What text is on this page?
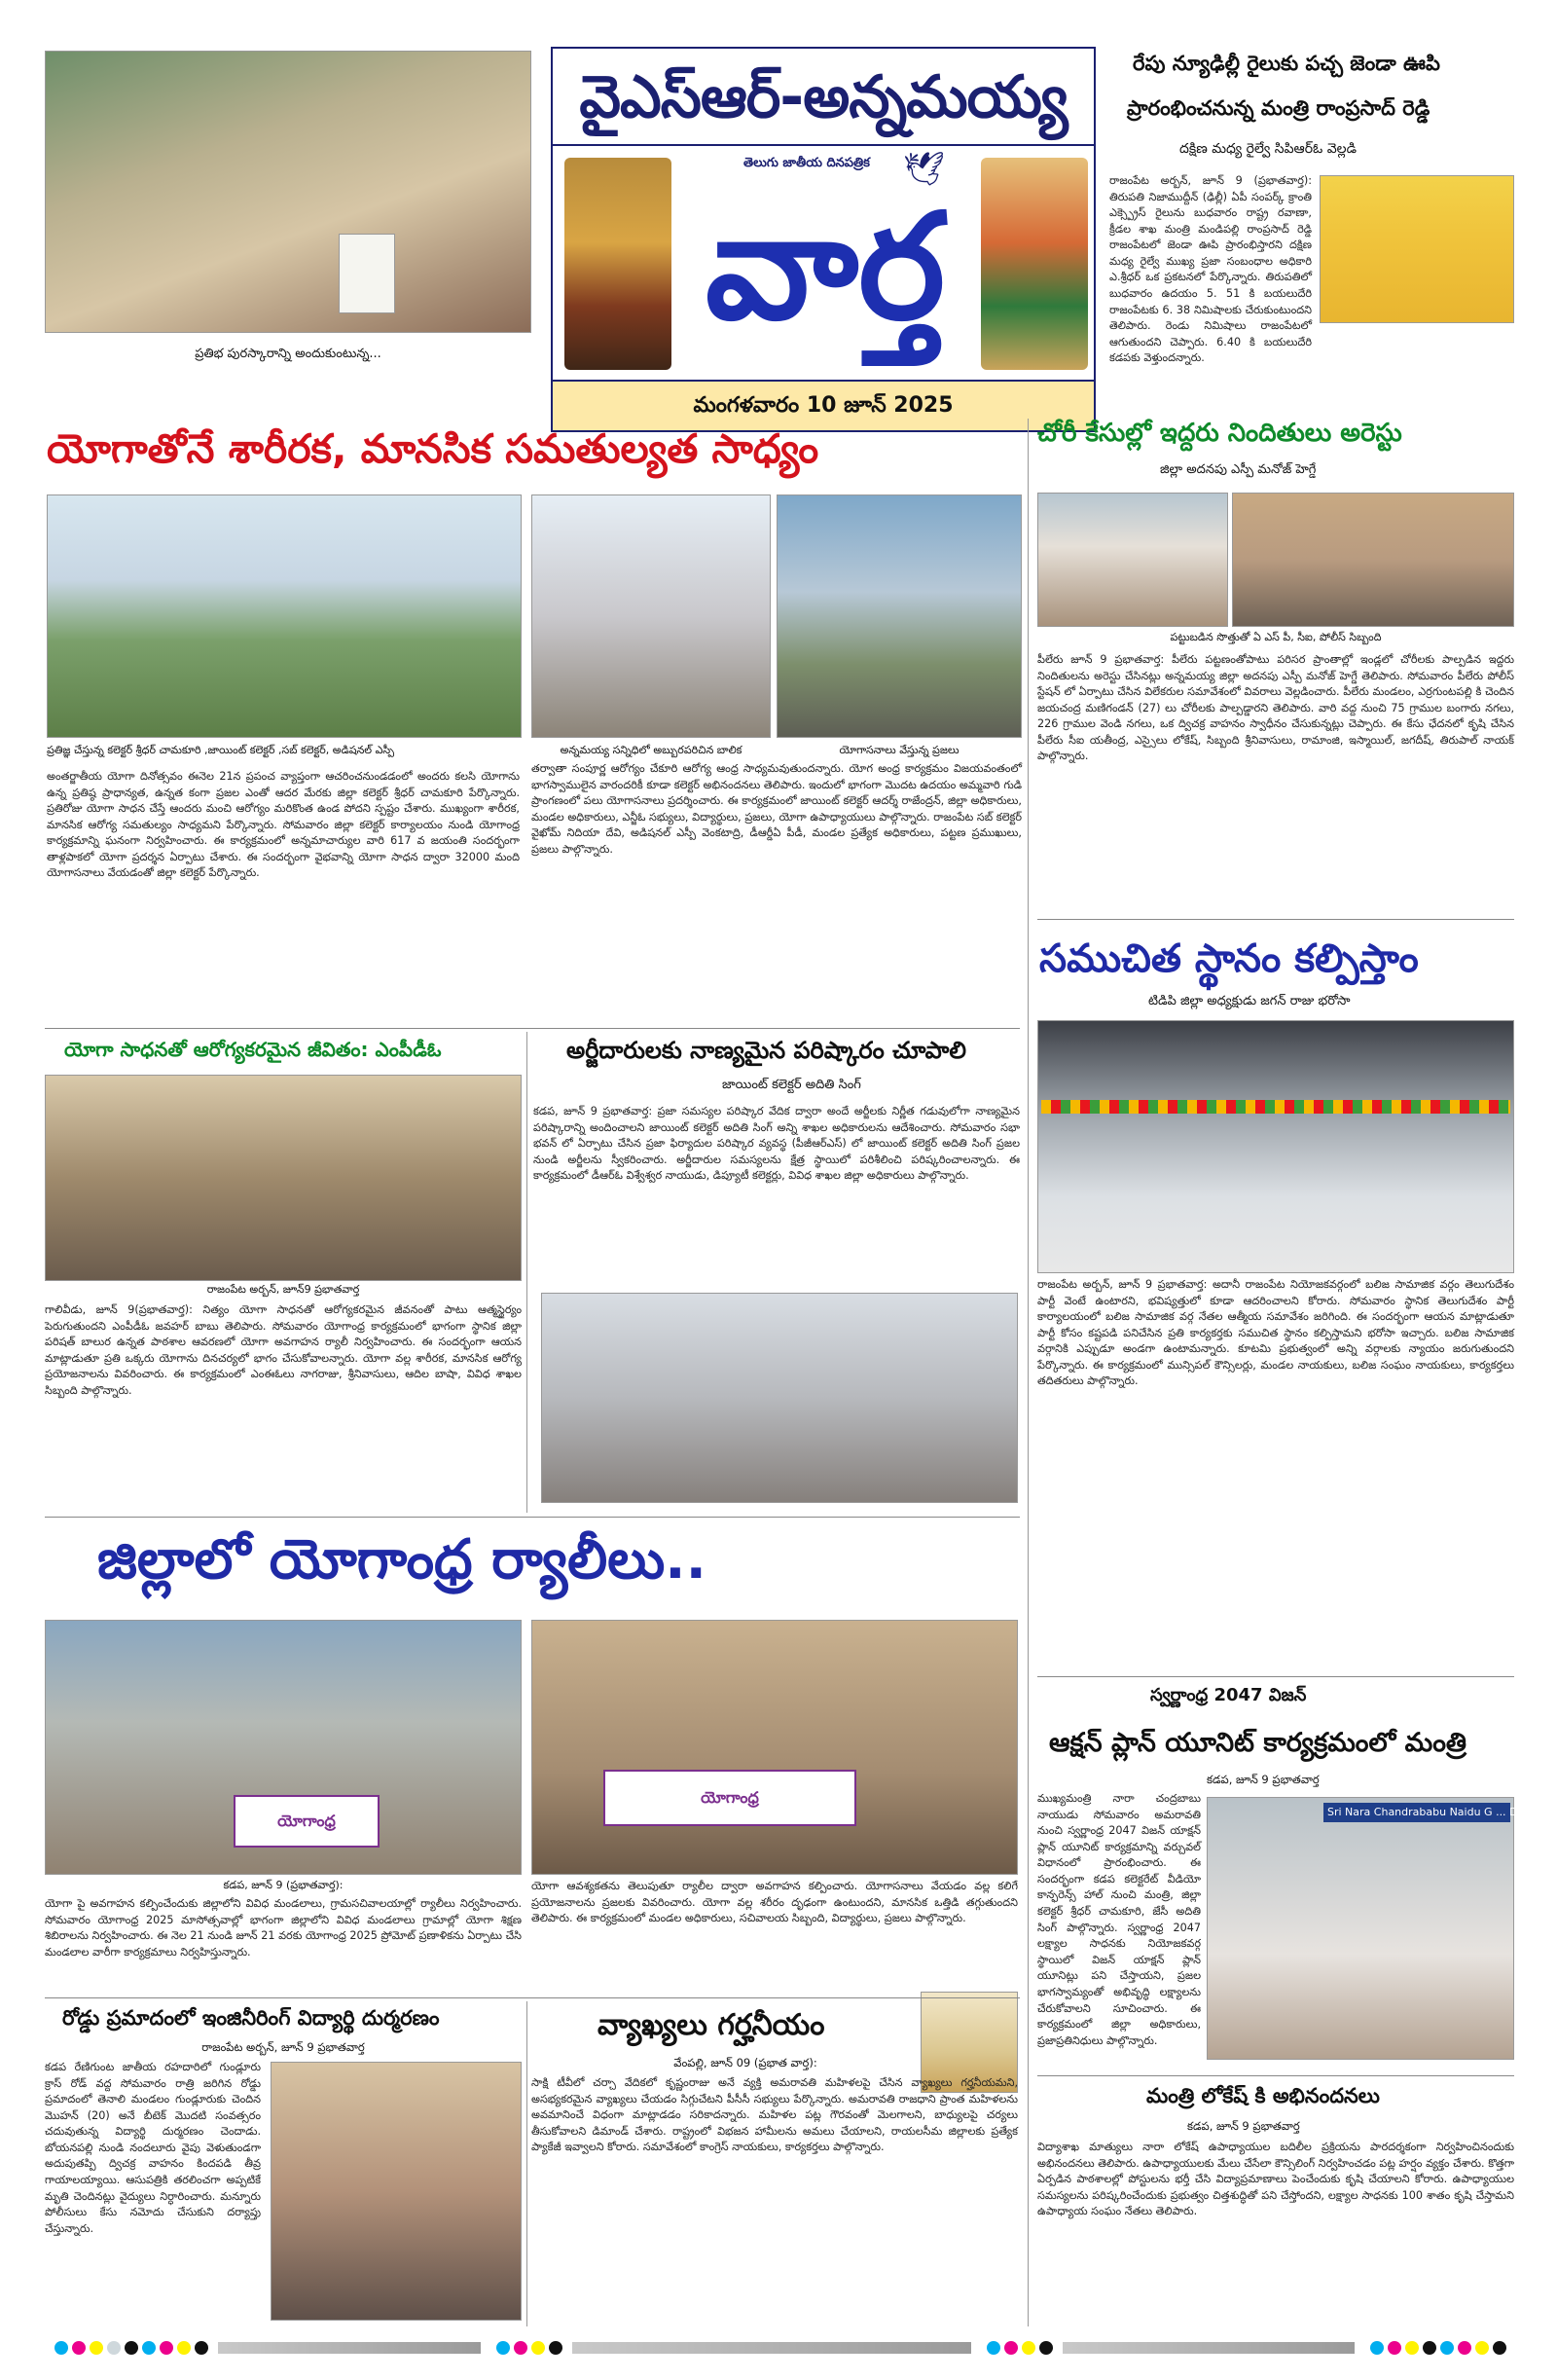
ప్రతిభ పురస్కారాన్ని అందుకుంటున్న...
వైఎస్ఆర్-అన్నమయ్య
తెలుగు జాతీయ దినపత్రిక 🕊
వార్త
మంగళవారం 10 జూన్ 2025
రేపు న్యూఢిల్లీ రైలుకు పచ్చ జెండా ఊపి
ప్రారంభించనున్న మంత్రి రాంప్రసాద్ రెడ్డి
దక్షిణ మధ్య రైల్వే సిపిఆర్ఓ వెల్లడి
రాజంపేట అర్బన్, జూన్ 9 (ప్రభాతవార్త): తిరుపతి నిజాముద్దీన్ (ఢిల్లీ) ఏపీ సంపర్క్ క్రాంతి ఎక్స్ప్రెస్ రైలును బుధవారం రాష్ట్ర రవాణా, క్రీడల శాఖ మంత్రి మండిపల్లి రాంప్రసాద్ రెడ్డి రాజంపేటలో జెండా ఊపి ప్రారంభిస్తారని దక్షిణ మధ్య రైల్వే ముఖ్య ప్రజా సంబంధాల అధికారి ఎ.శ్రీధర్ ఒక ప్రకటనలో పేర్కొన్నారు. తిరుపతిలో బుధవారం ఉదయం 5. 51 కి బయలుదేరి రాజంపేటకు 6. 38 నిమిషాలకు చేరుకుంటుందని తెలిపారు. రెండు నిమిషాలు రాజంపేటలో ఆగుతుందని చెప్పారు. 6.40 కి బయలుదేరి కడపకు వెళ్తుందన్నారు.
యోగాతోనే శారీరక, మానసిక సమతుల్యత సాధ్యం
ప్రతిజ్ఞ చేస్తున్న కలెక్టర్ శ్రీధర్ చామకూరి ,జాయింట్ కలెక్టర్ ,సబ్ కలెక్టర్, అడిషనల్ ఎస్పీ	అన్నమయ్య సన్నిధిలో అబ్బురపరిచిన బాలిక	యోగాసనాలు వేస్తున్న ప్రజలు
అంతర్జాతీయ యోగా దినోత్సవం ఈనెల 21న ప్రపంచ వ్యాప్తంగా ఆచరించనుండడంలో అందరు కలసి యోగాను ఉన్న ప్రతిష్ఠ ప్రాధాన్యత, ఉన్నత కంగా ప్రజల ఎంతో ఆదర మేరకు జిల్లా కలెక్టర్ శ్రీధర్ చామకూరి పేర్కొన్నారు. ప్రతిరోజు యోగా సాధన చేస్తే ఆందరు మంచి ఆరోగ్యం మరికొంత ఉండ పోదని స్పష్టం చేశారు. ముఖ్యంగా శారీరక, మానసిక ఆరోగ్య సమతుల్యం సాధ్యమని పేర్కొన్నారు. సోమవారం జిల్లా కలెక్టర్ కార్యాలయం నుండి యోగాంధ్ర కార్యక్రమాన్ని ఘనంగా నిర్వహించారు. ఈ కార్యక్రమంలో అన్నమాచార్యుల వారి 617 వ జయంతి సందర్భంగా తాళ్లపాకలో యోగా ప్రదర్శన ఏర్పాటు చేశారు. ఈ సందర్భంగా వైభవాన్ని యోగా సాధన ద్వారా 32000 మంది యోగాసనాలు వేయడంతో జిల్లా కలెక్టర్ పేర్కొన్నారు.
తర్వాతా సంపూర్ణ ఆరోగ్యం చేకూరి ఆరోగ్య ఆంధ్ర సాధ్యమవుతుందన్నారు. యోగ అంధ్ర కార్యక్రమం విజయవంతంలో భాగస్వాములైన వారందరికీ కూడా కలెక్టర్ అభినందనలు తెలిపారు. ఇందులో భాగంగా మొదట ఉదయం అమ్మవారి గుడి ప్రాంగణంలో పలు యోగాసనాలు ప్రదర్శించారు. ఈ కార్యక్రమంలో జాయింట్ కలెక్టర్ ఆదర్శ్ రాజేంద్రన్, జిల్లా అధికారులు, మండల అధికారులు, ఎన్జీఓ సభ్యులు, విద్యార్థులు, ప్రజలు, యోగా ఉపాధ్యాయులు పాల్గొన్నారు. రాజంపేట సబ్ కలెక్టర్ వైఖోమ్ నిదియా దేవి, అడిషనల్ ఎస్పీ వెంకటాద్రి, డీఆర్డీఏ పీడీ, మండల ప్రత్యేక అధికారులు, పట్టణ ప్రముఖులు, ప్రజలు పాల్గొన్నారు.
చోరీ కేసుల్లో ఇద్దరు నిందితులు అరెస్టు
జిల్లా అదనపు ఎస్పీ మనోజ్ హెగ్డే
పట్టుబడిన సొత్తుతో ఏ ఎస్ పీ, సీఐ, పోలీస్ సిబ్బంది
పీలేరు జూన్ 9 ప్రభాతవార్త: పీలేరు పట్టణంతోపాటు పరిసర ప్రాంతాల్లో ఇండ్లలో చోరీలకు పాల్పడిన ఇద్దరు నిందితులను అరెస్టు చేసినట్లు అన్నమయ్య జిల్లా అదనపు ఎస్పీ మనోజ్ హెగ్డే తెలిపారు. సోమవారం పీలేరు పోలీస్ స్టేషన్ లో ఏర్పాటు చేసిన విలేకరుల సమావేశంలో వివరాలు వెల్లడించారు. పీలేరు మండలం, ఎర్రగుంటపల్లి కి చెందిన జయచంద్ర మణిగండన్ (27) లు చోరీలకు పాల్పడ్డారని తెలిపారు. వారి వద్ద నుంచి 75 గ్రాముల బంగారు నగలు, 226 గ్రాముల వెండి నగలు, ఒక ద్విచక్ర వాహనం స్వాధీనం చేసుకున్నట్లు చెప్పారు. ఈ కేసు ఛేదనలో కృషి చేసిన పీలేరు సీఐ యతీంద్ర, ఎస్సైలు లోకేష్, సిబ్బంది శ్రీనివాసులు, రామాంజి, ఇస్మాయిల్, జగదీష్, తిరుపాల్ నాయక్ పాల్గొన్నారు.
సముచిత స్థానం కల్పిస్తాం
టిడిపి జిల్లా అధ్యక్షుడు జగన్ రాజు భరోసా
రాజంపేట అర్బన్, జూన్ 9 ప్రభాతవార్త: అదానీ రాజంపేట నియోజకవర్గంలో బలిజ సామాజిక వర్గం తెలుగుదేశం పార్టీ వెంటే ఉంటారని, భవిష్యత్తులో కూడా ఆదరించాలని కోరారు. సోమవారం స్థానిక తెలుగుదేశం పార్టీ కార్యాలయంలో బలిజ సామాజిక వర్గ నేతల ఆత్మీయ సమావేశం జరిగింది. ఈ సందర్భంగా ఆయన మాట్లాడుతూ పార్టీ కోసం కష్టపడి పనిచేసిన ప్రతి కార్యకర్తకు సముచిత స్థానం కల్పిస్తామని భరోసా ఇచ్చారు. బలిజ సామాజిక వర్గానికి ఎప్పుడూ అండగా ఉంటామన్నారు. కూటమి ప్రభుత్వంలో అన్ని వర్గాలకు న్యాయం జరుగుతుందని పేర్కొన్నారు. ఈ కార్యక్రమంలో మున్సిపల్ కౌన్సిలర్లు, మండల నాయకులు, బలిజ సంఘం నాయకులు, కార్యకర్తలు తదితరులు పాల్గొన్నారు.
యోగా సాధనతో ఆరోగ్యకరమైన జీవితం: ఎంపీడీఓ
రాజంపేట అర్బన్, జూన్9 ప్రభాతవార్త
గాలివీడు, జూన్ 9(ప్రభాతవార్త): నిత్యం యోగా సాధనతో ఆరోగ్యకరమైన జీవనంతో పాటు ఆత్మస్థైర్యం పెరుగుతుందని ఎంపీడీఓ జవహర్ బాబు తెలిపారు. సోమవారం యోగాంధ్ర కార్యక్రమంలో భాగంగా స్థానిక జిల్లా పరిషత్ బాలుర ఉన్నత పాఠశాల ఆవరణలో యోగా అవగాహన ర్యాలీ నిర్వహించారు. ఈ సందర్భంగా ఆయన మాట్లాడుతూ ప్రతి ఒక్కరు యోగాను దినచర్యలో భాగం చేసుకోవాలన్నారు. యోగా వల్ల శారీరక, మానసిక ఆరోగ్య ప్రయోజనాలను వివరించారు. ఈ కార్యక్రమంలో ఎంఈఓలు నాగరాజు, శ్రీనివాసులు, ఆదిల బాషా, వివిధ శాఖల సిబ్బంది పాల్గొన్నారు.
అర్జీదారులకు నాణ్యమైన పరిష్కారం చూపాలి
జాయింట్ కలెక్టర్ అదితి సింగ్
కడప, జూన్ 9 ప్రభాతవార్త: ప్రజా సమస్యల పరిష్కార వేదిక ద్వారా అందే అర్జీలకు నిర్ణీత గడువులోగా నాణ్యమైన పరిష్కారాన్ని అందించాలని జాయింట్ కలెక్టర్ అదితి సింగ్ అన్ని శాఖల అధికారులను ఆదేశించారు. సోమవారం సభా భవన్ లో ఏర్పాటు చేసిన ప్రజా ఫిర్యాదుల పరిష్కార వ్యవస్థ (పీజీఆర్ఎస్) లో జాయింట్ కలెక్టర్ అదితి సింగ్ ప్రజల నుండి అర్జీలను స్వీకరించారు. అర్జీదారుల సమస్యలను క్షేత్ర స్థాయిలో పరిశీలించి పరిష్కరించాలన్నారు. ఈ కార్యక్రమంలో డీఆర్ఓ విశ్వేశ్వర నాయుడు, డిప్యూటీ కలెక్టర్లు, వివిధ శాఖల జిల్లా అధికారులు పాల్గొన్నారు.
జిల్లాలో యోగాంధ్ర ర్యాలీలు..
యోగాంధ్ర
యోగాంధ్ర
కడప, జూన్ 9 (ప్రభాతవార్త):
యోగా పై అవగాహన కల్పించేందుకు జిల్లాలోని వివిధ మండలాలు, గ్రామసచివాలయాల్లో ర్యాలీలు నిర్వహించారు. సోమవారం యోగాంధ్ర 2025 మాసోత్సవాల్లో భాగంగా జిల్లాలోని వివిధ మండలాలు గ్రామాల్లో యోగా శిక్షణ శిబిరాలను నిర్వహించారు. ఈ నెల 21 నుండి జూన్ 21 వరకు యోగాంధ్ర 2025 ప్రోమోట్ ప్రణాళికను ఏర్పాటు చేసి మండలాల వారీగా కార్యక్రమాలు నిర్వహిస్తున్నారు.
యోగా ఆవశ్యకతను తెలుపుతూ ర్యాలీల ద్వారా అవగాహన కల్పించారు. యోగాసనాలు వేయడం వల్ల కలిగే ప్రయోజనాలను ప్రజలకు వివరించారు. యోగా వల్ల శరీరం దృఢంగా ఉంటుందని, మానసిక ఒత్తిడి తగ్గుతుందని తెలిపారు. ఈ కార్యక్రమంలో మండల అధికారులు, సచివాలయ సిబ్బంది, విద్యార్థులు, ప్రజలు పాల్గొన్నారు.
రోడ్డు ప్రమాదంలో ఇంజినీరింగ్ విద్యార్థి దుర్మరణం
రాజంపేట అర్బన్, జూన్ 9 ప్రభాతవార్త
కడప రేణిగుంట జాతీయ రహదారిలో గుండ్లూరు క్రాస్ రోడ్ వద్ద సోమవారం రాత్రి జరిగిన రోడ్డు ప్రమాదంలో తెనాలి మండలం గుండ్లూరుకు చెందిన మొహన్ (20) అనే బీటెక్ మొదటి సంవత్సరం చదువుతున్న విద్యార్థి దుర్మరణం చెందాడు. బోయనపల్లి నుండి నందలూరు వైపు వెళుతుండగా అదుపుతప్పి ద్విచక్ర వాహనం కిందపడి తీవ్ర గాయాలయ్యాయి. ఆసుపత్రికి తరలించగా అప్పటికే మృతి చెందినట్లు వైద్యులు నిర్ధారించారు. మన్నూరు పోలీసులు కేసు నమోదు చేసుకుని దర్యాప్తు చేస్తున్నారు.
వ్యాఖ్యలు గర్హనీయం
వేంపల్లి, జూన్ 09 (ప్రభాత వార్త):
సాక్షి టీవీలో చర్చా వేదికలో కృష్ణంరాజు అనే వ్యక్తి అమరావతి మహిళలపై చేసిన వ్యాఖ్యలు గర్హనీయమని, అసభ్యకరమైన వ్యాఖ్యలు చేయడం సిగ్గుచేటని పీసీసీ సభ్యులు పేర్కొన్నారు. అమరావతి రాజధాని ప్రాంత మహిళలను అవమానించే విధంగా మాట్లాడడం సరికాదన్నారు. మహిళల పట్ల గౌరవంతో మెలగాలని, బాధ్యులపై చర్యలు తీసుకోవాలని డిమాండ్ చేశారు. రాష్ట్రంలో విభజన హామీలను అమలు చేయాలని, రాయలసీమ జిల్లాలకు ప్రత్యేక ప్యాకేజీ ఇవ్వాలని కోరారు. సమావేశంలో కాంగ్రెస్ నాయకులు, కార్యకర్తలు పాల్గొన్నారు.
స్వర్ణాంధ్ర 2047 విజన్
ఆక్షన్ ప్లాన్ యూనిట్ కార్యక్రమంలో మంత్రి
కడప, జూన్ 9 ప్రభాతవార్త
ముఖ్యమంత్రి నారా చంద్రబాబు నాయుడు సోమవారం అమరావతి నుంచి స్వర్ణాంధ్ర 2047 విజన్ యాక్షన్ ప్లాన్ యూనిట్ కార్యక్రమాన్ని వర్చువల్ విధానంలో ప్రారంభించారు. ఈ సందర్భంగా కడప కలెక్టరేట్ వీడియో కాన్ఫరెన్స్ హాల్ నుంచి మంత్రి, జిల్లా కలెక్టర్ శ్రీధర్ చామకూరి, జేసీ అదితి సింగ్ పాల్గొన్నారు. స్వర్ణాంధ్ర 2047 లక్ష్యాల సాధనకు నియోజకవర్గ స్థాయిలో విజన్ యాక్షన్ ప్లాన్ యూనిట్లు పని చేస్తాయని, ప్రజల భాగస్వామ్యంతో అభివృద్ధి లక్ష్యాలను చేరుకోవాలని సూచించారు. ఈ కార్యక్రమంలో జిల్లా అధికారులు, ప్రజాప్రతినిధులు పాల్గొన్నారు.
Sri Nara Chandrababu Naidu G ... District
మంత్రి లోకేష్ కి అభినందనలు
కడప, జూన్ 9 ప్రభాతవార్త
విద్యాశాఖ మాత్యులు నారా లోకేష్ ఉపాధ్యాయుల బదిలీల ప్రక్రియను పారదర్శకంగా నిర్వహించినందుకు అభినందనలు తెలిపారు. ఉపాధ్యాయులకు మేలు చేసేలా కౌన్సిలింగ్ నిర్వహించడం పట్ల హర్షం వ్యక్తం చేశారు. కొత్తగా ఏర్పడిన పాఠశాలల్లో పోస్టులను భర్తీ చేసి విద్యాప్రమాణాలు పెంచేందుకు కృషి చేయాలని కోరారు. ఉపాధ్యాయుల సమస్యలను పరిష్కరించేందుకు ప్రభుత్వం చిత్తశుద్ధితో పని చేస్తోందని, లక్ష్యాల సాధనకు 100 శాతం కృషి చేస్తామని ఉపాధ్యాయ సంఘం నేతలు తెలిపారు.
